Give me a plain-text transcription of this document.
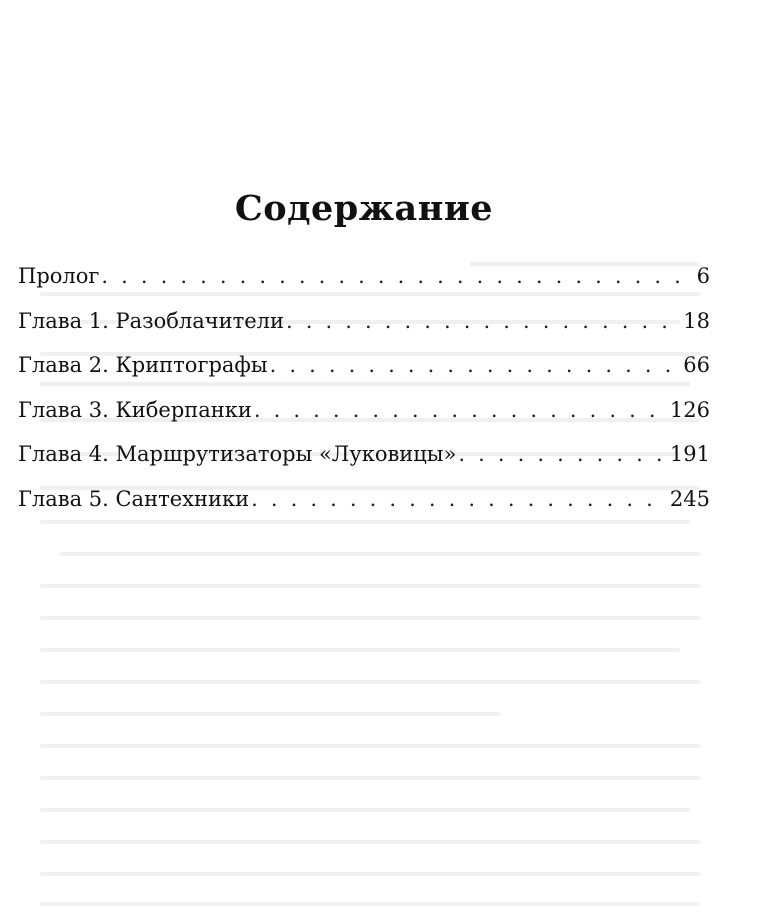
Содержание
Пролог . . .	6
Глава 1. Разоблачители . . .	18
Глава 2. Криптографы . . .	66
Глава 3. Киберпанки . . .	126
Глава 4. Маршрутизаторы «Луковицы» . . .	191
Глава 5. Сантехники . . .	245
